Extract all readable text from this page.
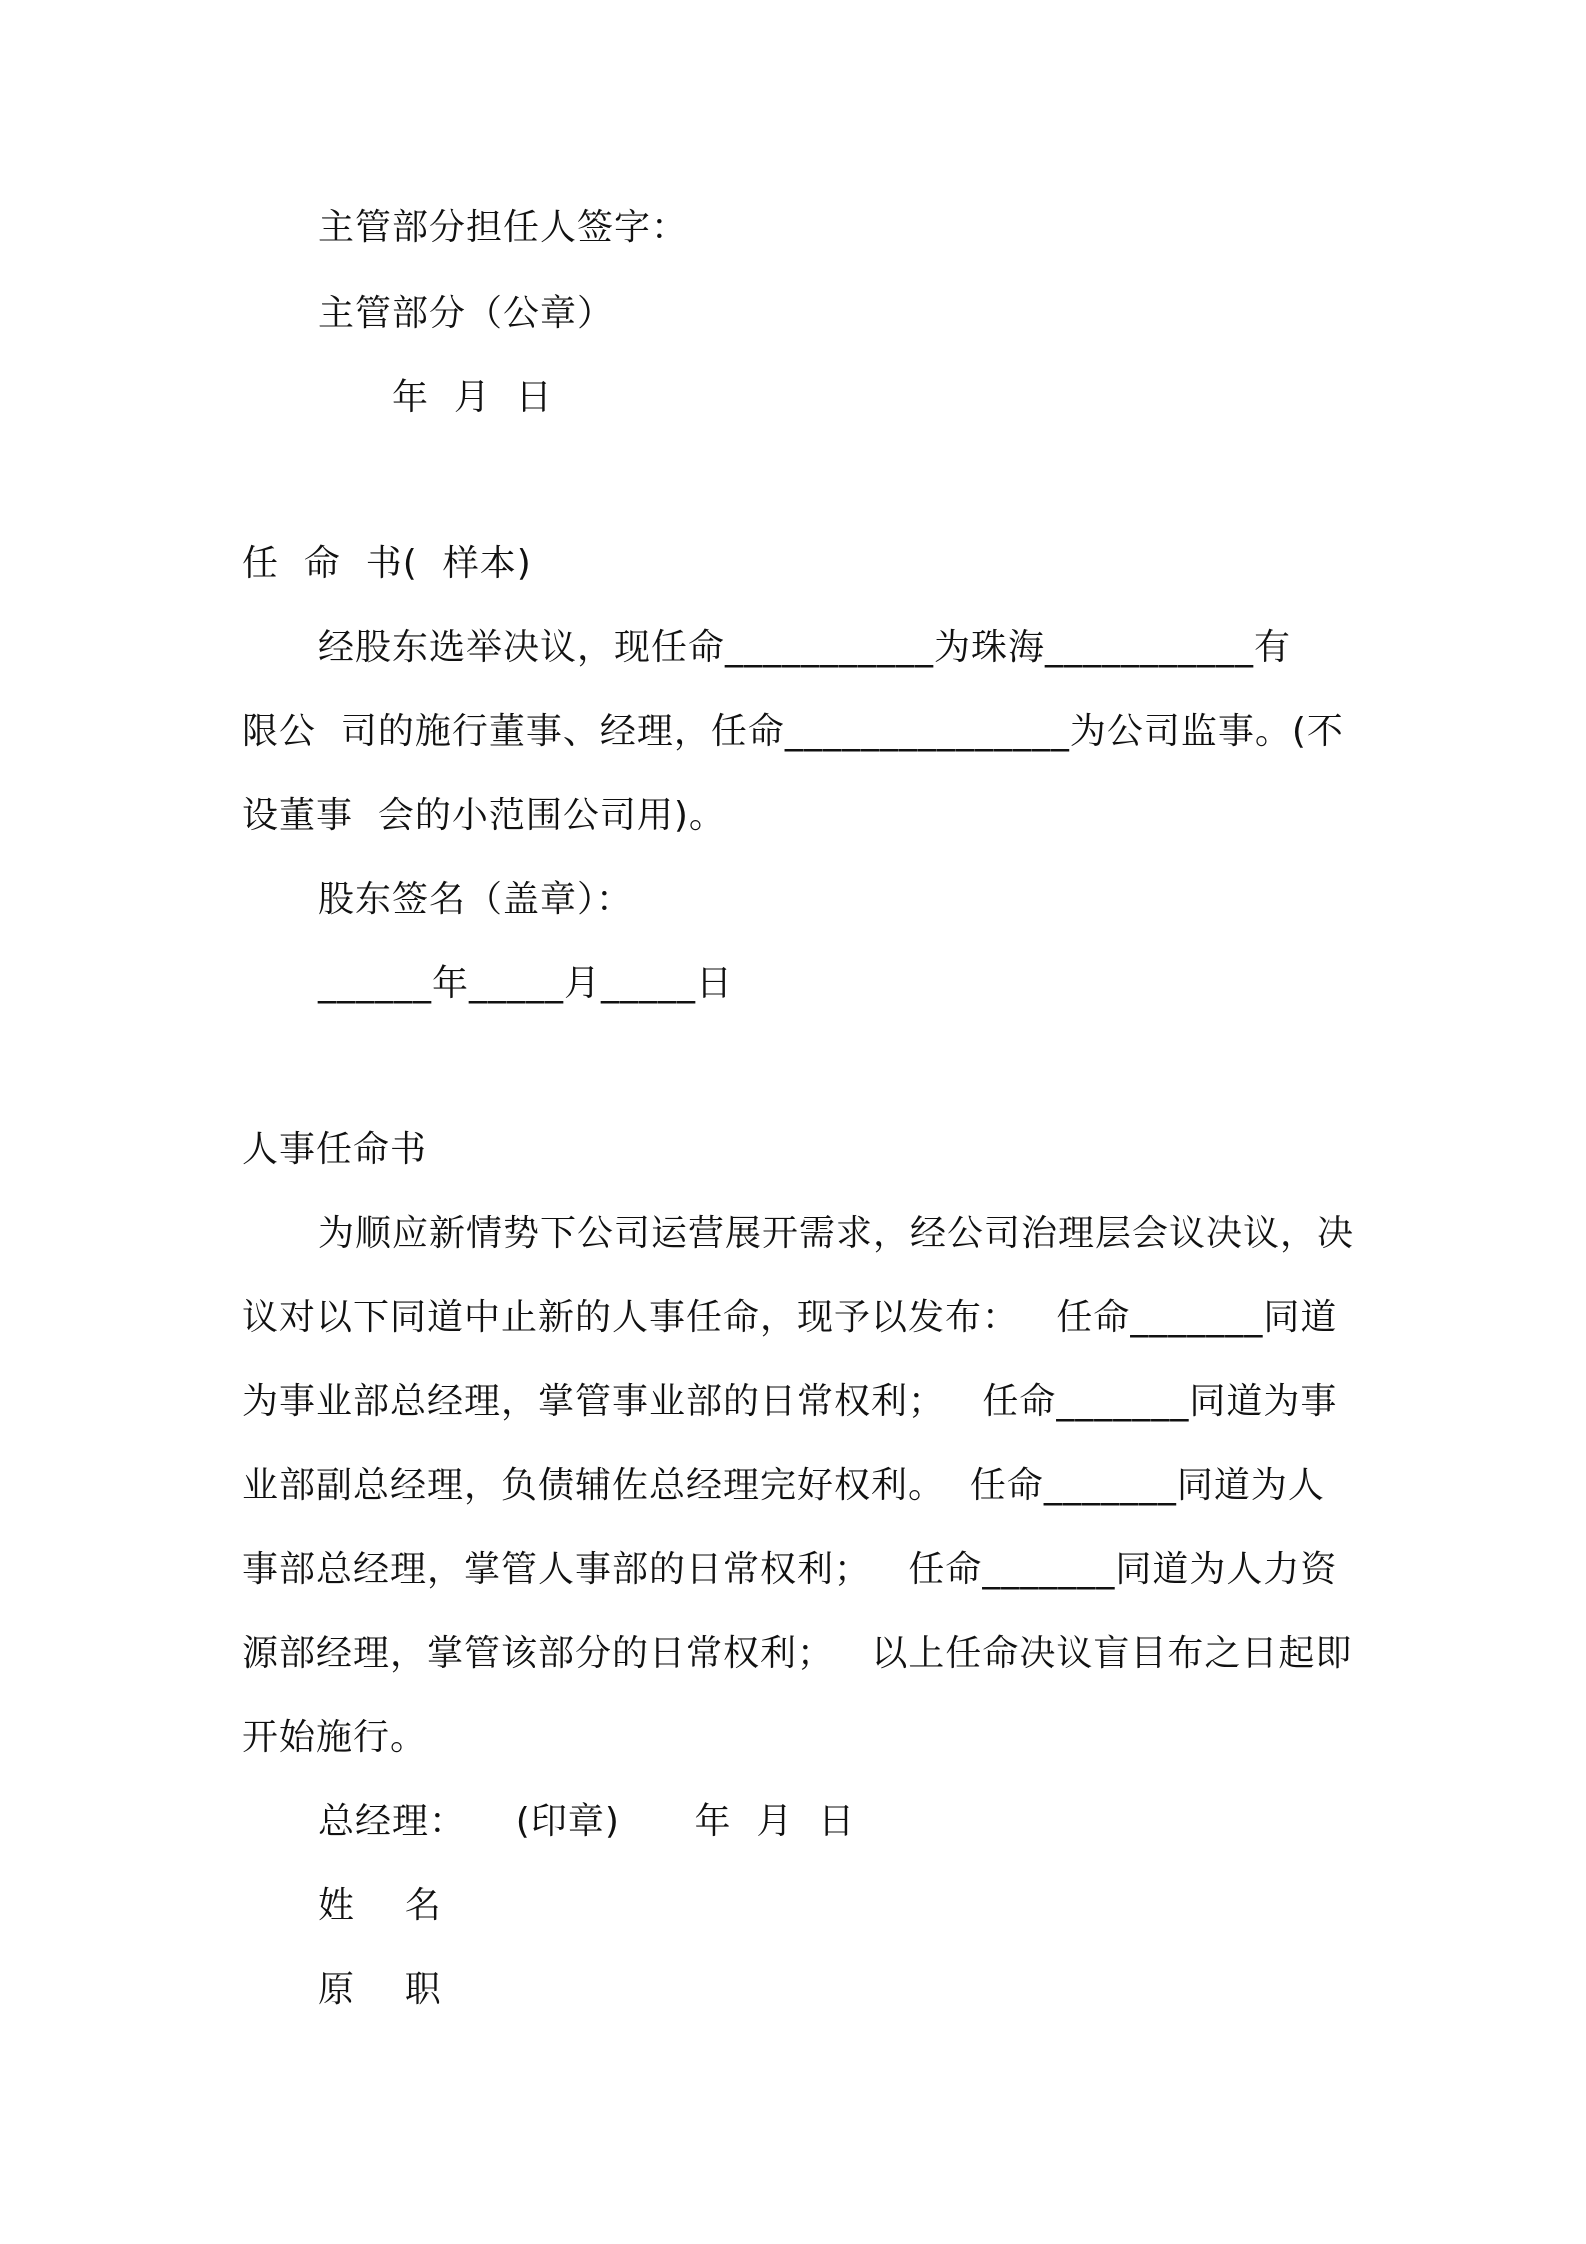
主管部分担任人签字：
主管部分（公章）
年  月  日
任  命  书(  样本)
经股东选举决议，现任命___________为珠海___________有
限公  司的施行董事、经理，任命_______________为公司监事。(不
设董事  会的小范围公司用)。
股东签名（盖章）：
______年_____月_____日
人事任命书
为顺应新情势下公司运营展开需求，经公司治理层会议决议，决
议对以下同道中止新的人事任命，现予以发布：   任命_______同道
为事业部总经理，掌管事业部的日常权利；   任命_______同道为事
业部副总经理，负债辅佐总经理完好权利。  任命_______同道为人
事部总经理，掌管人事部的日常权利；   任命_______同道为人力资
源部经理，掌管该部分的日常权利；   以上任命决议盲目布之日起即
开始施行。
总经理：    (印章)      年  月  日
姓    名
原    职
